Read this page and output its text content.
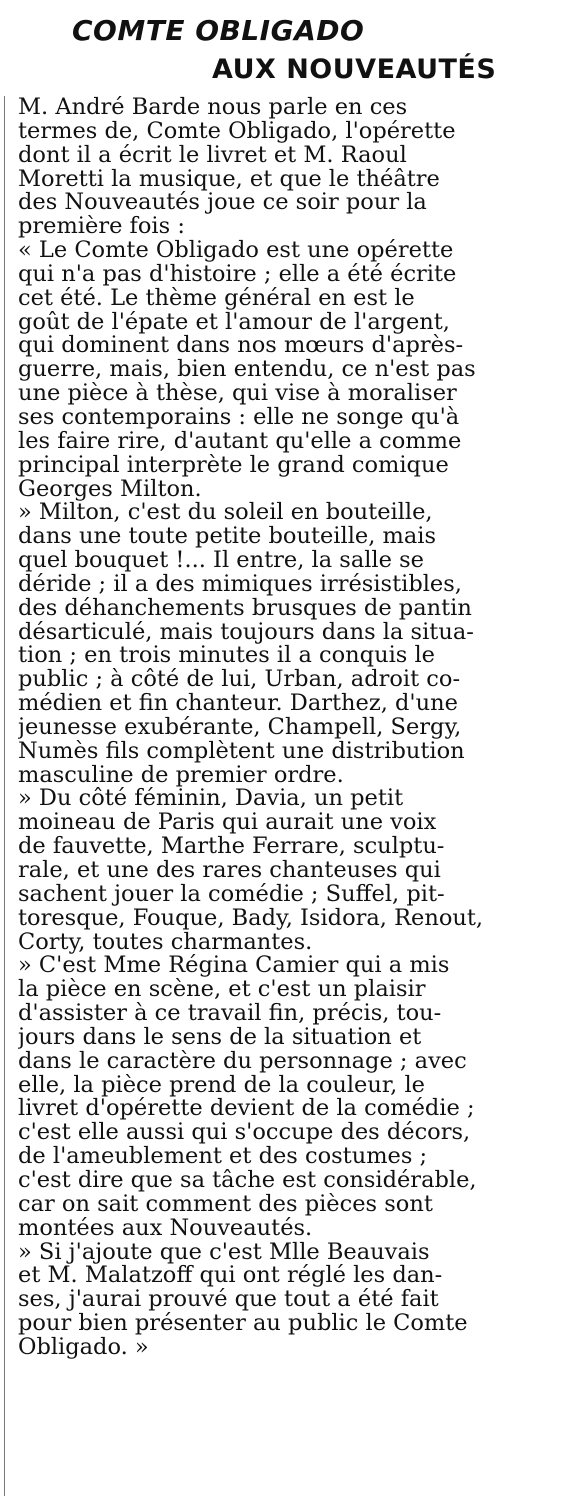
COMTE OBLIGADO
AUX NOUVEAUTÉS
M. André Barde nous parle en ces
termes de, Comte Obligado, l'opérette
dont il a écrit le livret et M. Raoul
Moretti la musique, et que le théâtre
des Nouveautés joue ce soir pour la
première fois :
« Le Comte Obligado est une opérette
qui n'a pas d'histoire ; elle a été écrite
cet été. Le thème général en est le
goût de l'épate et l'amour de l'argent,
qui dominent dans nos mœurs d'après-
guerre, mais, bien entendu, ce n'est pas
une pièce à thèse, qui vise à moraliser
ses contemporains : elle ne songe qu'à
les faire rire, d'autant qu'elle a comme
principal interprète le grand comique
Georges Milton.
» Milton, c'est du soleil en bouteille,
dans une toute petite bouteille, mais
quel bouquet !... Il entre, la salle se
déride ; il a des mimiques irrésistibles,
des déhanchements brusques de pantin
désarticulé, mais toujours dans la situa-
tion ; en trois minutes il a conquis le
public ; à côté de lui, Urban, adroit co-
médien et fin chanteur. Darthez, d'une
jeunesse exubérante, Champell, Sergy,
Numès fils complètent une distribution
masculine de premier ordre.
» Du côté féminin, Davia, un petit
moineau de Paris qui aurait une voix
de fauvette, Marthe Ferrare, sculptu-
rale, et une des rares chanteuses qui
sachent jouer la comédie ; Suffel, pit-
toresque, Fouque, Bady, Isidora, Renout,
Corty, toutes charmantes.
» C'est Mme Régina Camier qui a mis
la pièce en scène, et c'est un plaisir
d'assister à ce travail fin, précis, tou-
jours dans le sens de la situation et
dans le caractère du personnage ; avec
elle, la pièce prend de la couleur, le
livret d'opérette devient de la comédie ;
c'est elle aussi qui s'occupe des décors,
de l'ameublement et des costumes ;
c'est dire que sa tâche est considérable,
car on sait comment des pièces sont
montées aux Nouveautés.
» Si j'ajoute que c'est Mlle Beauvais
et M. Malatzoff qui ont réglé les dan-
ses, j'aurai prouvé que tout a été fait
pour bien présenter au public le Comte
Obligado. »
